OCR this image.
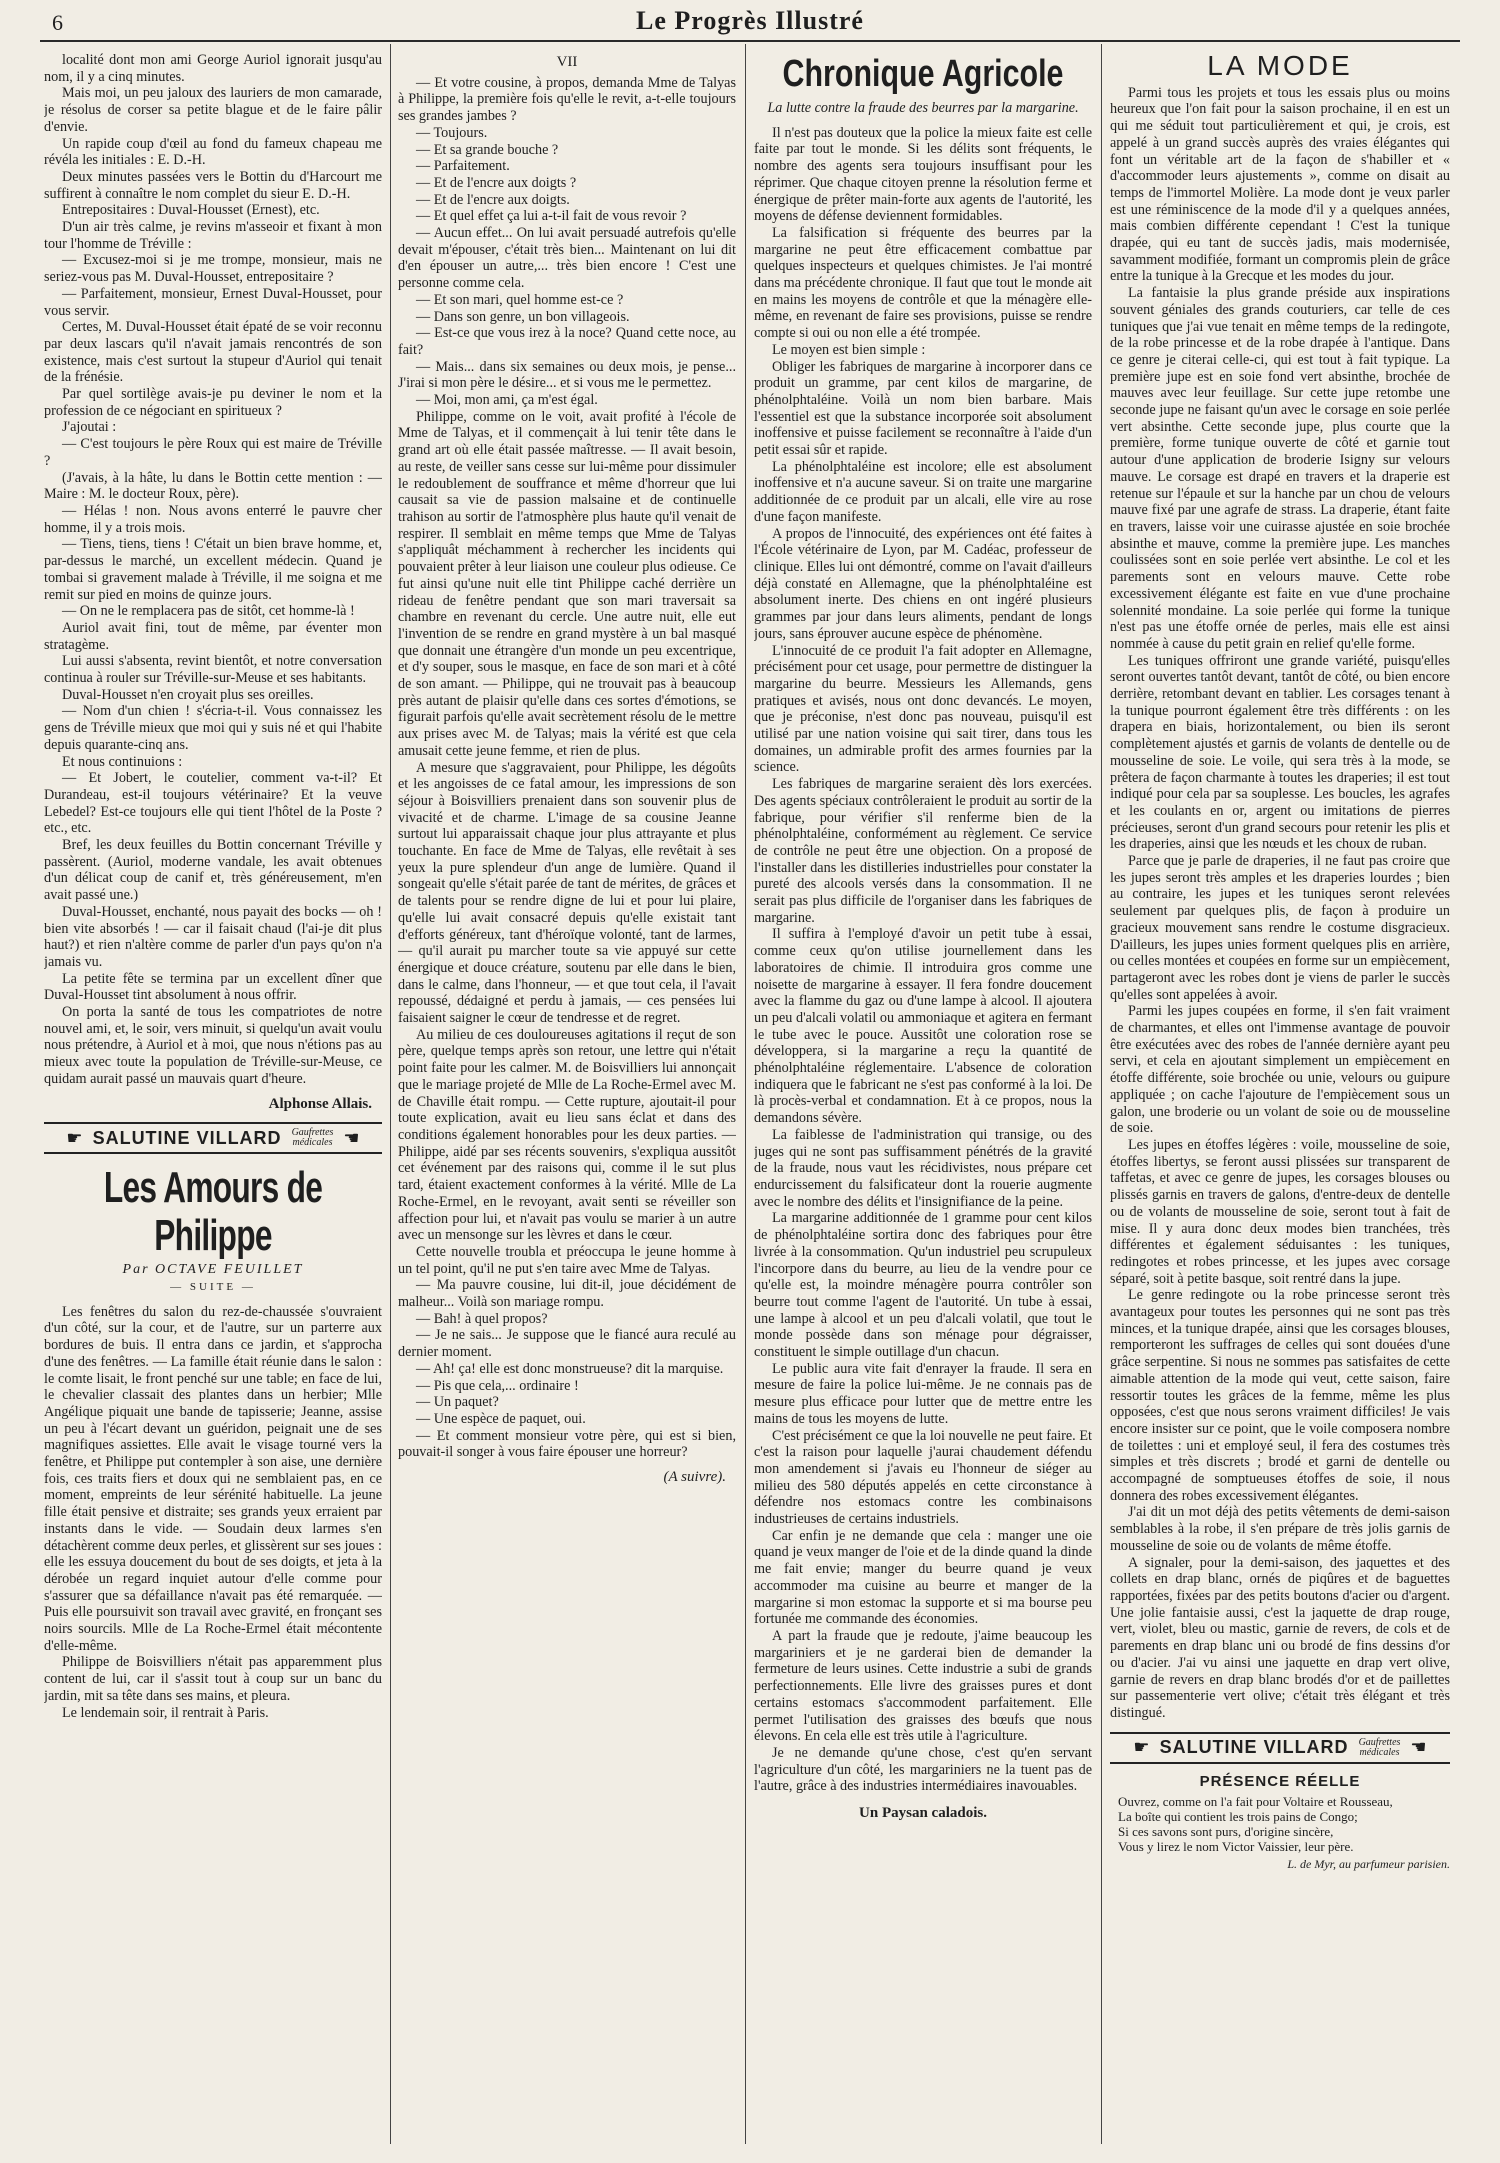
6	Le Progrès Illustré

localité dont mon ami George Auriol ignorait jusqu'au nom, il y a cinq minutes.

Mais moi, un peu jaloux des lauriers de mon camarade, je résolus de corser sa petite blague et de le faire pâlir d'envie.

Un rapide coup d'œil au fond du fameux chapeau me révéla les initiales : E. D.-H.

Deux minutes passées vers le Bottin du d'Harcourt me suffirent à connaître le nom complet du sieur E. D.-H.

Entrepositaires : Duval-Housset (Ernest), etc.

D'un air très calme, je revins m'asseoir et fixant à mon tour l'homme de Tréville :

— Excusez-moi si je me trompe, monsieur, mais ne seriez-vous pas M. Duval-Housset, entrepositaire ?

— Parfaitement, monsieur, Ernest Duval-Housset, pour vous servir.

Certes, M. Duval-Housset était épaté de se voir reconnu par deux lascars qu'il n'avait jamais rencontrés de son existence, mais c'est surtout la stupeur d'Auriol qui tenait de la frénésie.

Par quel sortilège avais-je pu deviner le nom et la profession de ce négociant en spiritueux ?

J'ajoutai :

— C'est toujours le père Roux qui est maire de Tréville ?

(J'avais, à la hâte, lu dans le Bottin cette mention : — Maire : M. le docteur Roux, père).

— Hélas ! non. Nous avons enterré le pauvre cher homme, il y a trois mois.

— Tiens, tiens, tiens ! C'était un bien brave homme, et, par-dessus le marché, un excellent médecin. Quand je tombai si gravement malade à Tréville, il me soigna et me remit sur pied en moins de quinze jours.

— On ne le remplacera pas de sitôt, cet homme-là !

Auriol avait fini, tout de même, par éventer mon stratagème.

Lui aussi s'absenta, revint bientôt, et notre conversation continua à rouler sur Tréville-sur-Meuse et ses habitants.

Duval-Housset n'en croyait plus ses oreilles.

— Nom d'un chien ! s'écria-t-il. Vous connaissez les gens de Tréville mieux que moi qui y suis né et qui l'habite depuis quarante-cinq ans.

Et nous continuions :

— Et Jobert, le coutelier, comment va-t-il? Et Durandeau, est-il toujours vétérinaire? Et la veuve Lebedel? Est-ce toujours elle qui tient l'hôtel de la Poste ? etc., etc.

Bref, les deux feuilles du Bottin concernant Tréville y passèrent. (Auriol, moderne vandale, les avait obtenues d'un délicat coup de canif et, très généreusement, m'en avait passé une.)

Duval-Housset, enchanté, nous payait des bocks — oh ! bien vite absorbés ! — car il faisait chaud (l'ai-je dit plus haut?) et rien n'altère comme de parler d'un pays qu'on n'a jamais vu.

La petite fête se termina par un excellent dîner que Duval-Housset tint absolument à nous offrir.

On porta la santé de tous les compatriotes de notre nouvel ami, et, le soir, vers minuit, si quelqu'un avait voulu nous prétendre, à Auriol et à moi, que nous n'étions pas au mieux avec toute la population de Tréville-sur-Meuse, ce quidam aurait passé un mauvais quart d'heure.

Alphonse Allais.
☛ SALUTINE VILLARD Gaufrettes
médicales ☚
Les Amours de Philippe
Par OCTAVE FEUILLET
— SUITE —

Les fenêtres du salon du rez-de-chaussée s'ouvraient d'un côté, sur la cour, et de l'autre, sur un parterre aux bordures de buis. Il entra dans ce jardin, et s'approcha d'une des fenêtres. — La famille était réunie dans le salon : le comte lisait, le front penché sur une table; en face de lui, le chevalier classait des plantes dans un herbier; Mlle Angélique piquait une bande de tapisserie; Jeanne, assise un peu à l'écart devant un guéridon, peignait une de ses magnifiques assiettes. Elle avait le visage tourné vers la fenêtre, et Philippe put contempler à son aise, une dernière fois, ces traits fiers et doux qui ne semblaient pas, en ce moment, empreints de leur sérénité habituelle. La jeune fille était pensive et distraite; ses grands yeux erraient par instants dans le vide. — Soudain deux larmes s'en détachèrent comme deux perles, et glissèrent sur ses joues : elle les essuya doucement du bout de ses doigts, et jeta à la dérobée un regard inquiet autour d'elle comme pour s'assurer que sa défaillance n'avait pas été remarquée. — Puis elle poursuivit son travail avec gravité, en fronçant ses noirs sourcils. Mlle de La Roche-Ermel était mécontente d'elle-même.

Philippe de Boisvilliers n'était pas apparemment plus content de lui, car il s'assit tout à coup sur un banc du jardin, mit sa tête dans ses mains, et pleura.

Le lendemain soir, il rentrait à Paris.

VII

— Et votre cousine, à propos, demanda Mme de Talyas à Philippe, la première fois qu'elle le revit, a-t-elle toujours ses grandes jambes ?

— Toujours.

— Et sa grande bouche ?

— Parfaitement.

— Et de l'encre aux doigts ?

— Et de l'encre aux doigts.

— Et quel effet ça lui a-t-il fait de vous revoir ?

— Aucun effet... On lui avait persuadé autrefois qu'elle devait m'épouser, c'était très bien... Maintenant on lui dit d'en épouser un autre,... très bien encore ! C'est une personne comme cela.

— Et son mari, quel homme est-ce ?

— Dans son genre, un bon villageois.

— Est-ce que vous irez à la noce? Quand cette noce, au fait?

— Mais... dans six semaines ou deux mois, je pense... J'irai si mon père le désire... et si vous me le permettez.

— Moi, mon ami, ça m'est égal.

Philippe, comme on le voit, avait profité à l'école de Mme de Talyas, et il commençait à lui tenir tête dans le grand art où elle était passée maîtresse. — Il avait besoin, au reste, de veiller sans cesse sur lui-même pour dissimuler le redoublement de souffrance et même d'horreur que lui causait sa vie de passion malsaine et de continuelle trahison au sortir de l'atmosphère plus haute qu'il venait de respirer. Il semblait en même temps que Mme de Talyas s'appliquât méchamment à rechercher les incidents qui pouvaient prêter à leur liaison une couleur plus odieuse. Ce fut ainsi qu'une nuit elle tint Philippe caché derrière un rideau de fenêtre pendant que son mari traversait sa chambre en revenant du cercle. Une autre nuit, elle eut l'invention de se rendre en grand mystère à un bal masqué que donnait une étrangère d'un monde un peu excentrique, et d'y souper, sous le masque, en face de son mari et à côté de son amant. — Philippe, qui ne trouvait pas à beaucoup près autant de plaisir qu'elle dans ces sortes d'émotions, se figurait parfois qu'elle avait secrètement résolu de le mettre aux prises avec M. de Talyas; mais la vérité est que cela amusait cette jeune femme, et rien de plus.

A mesure que s'aggravaient, pour Philippe, les dégoûts et les angoisses de ce fatal amour, les impressions de son séjour à Boisvilliers prenaient dans son souvenir plus de vivacité et de charme. L'image de sa cousine Jeanne surtout lui apparaissait chaque jour plus attrayante et plus touchante. En face de Mme de Talyas, elle revêtait à ses yeux la pure splendeur d'un ange de lumière. Quand il songeait qu'elle s'était parée de tant de mérites, de grâces et de talents pour se rendre digne de lui et pour lui plaire, qu'elle lui avait consacré depuis qu'elle existait tant d'efforts généreux, tant d'héroïque volonté, tant de larmes, — qu'il aurait pu marcher toute sa vie appuyé sur cette énergique et douce créature, soutenu par elle dans le bien, dans le calme, dans l'honneur, — et que tout cela, il l'avait repoussé, dédaigné et perdu à jamais, — ces pensées lui faisaient saigner le cœur de tendresse et de regret.

Au milieu de ces douloureuses agitations il reçut de son père, quelque temps après son retour, une lettre qui n'était point faite pour les calmer. M. de Boisvilliers lui annonçait que le mariage projeté de Mlle de La Roche-Ermel avec M. de Chaville était rompu. — Cette rupture, ajoutait-il pour toute explication, avait eu lieu sans éclat et dans des conditions également honorables pour les deux parties. — Philippe, aidé par ses récents souvenirs, s'expliqua aussitôt cet événement par des raisons qui, comme il le sut plus tard, étaient exactement conformes à la vérité. Mlle de La Roche-Ermel, en le revoyant, avait senti se réveiller son affection pour lui, et n'avait pas voulu se marier à un autre avec un mensonge sur les lèvres et dans le cœur.

Cette nouvelle troubla et préoccupa le jeune homme à un tel point, qu'il ne put s'en taire avec Mme de Talyas.

— Ma pauvre cousine, lui dit-il, joue décidément de malheur... Voilà son mariage rompu.

— Bah! à quel propos?

— Je ne sais... Je suppose que le fiancé aura reculé au dernier moment.

— Ah! ça! elle est donc monstrueuse? dit la marquise.

— Pis que cela,... ordinaire !

— Un paquet?

— Une espèce de paquet, oui.

— Et comment monsieur votre père, qui est si bien, pouvait-il songer à vous faire épouser une horreur?

(A suivre).
Chronique Agricole
La lutte contre la fraude des beurres par la margarine.

Il n'est pas douteux que la police la mieux faite est celle faite par tout le monde. Si les délits sont fréquents, le nombre des agents sera toujours insuffisant pour les réprimer. Que chaque citoyen prenne la résolution ferme et énergique de prêter main-forte aux agents de l'autorité, les moyens de défense deviennent formidables.

La falsification si fréquente des beurres par la margarine ne peut être efficacement combattue par quelques inspecteurs et quelques chimistes. Je l'ai montré dans ma précédente chronique. Il faut que tout le monde ait en mains les moyens de contrôle et que la ménagère elle-même, en revenant de faire ses provisions, puisse se rendre compte si oui ou non elle a été trompée.

Le moyen est bien simple :

Obliger les fabriques de margarine à incorporer dans ce produit un gramme, par cent kilos de margarine, de phénolphtaléine. Voilà un nom bien barbare. Mais l'essentiel est que la substance incorporée soit absolument inoffensive et puisse facilement se reconnaître à l'aide d'un petit essai sûr et rapide.

La phénolphtaléine est incolore; elle est absolument inoffensive et n'a aucune saveur. Si on traite une margarine additionnée de ce produit par un alcali, elle vire au rose d'une façon manifeste.

A propos de l'innocuité, des expériences ont été faites à l'École vétérinaire de Lyon, par M. Cadéac, professeur de clinique. Elles lui ont démontré, comme on l'avait d'ailleurs déjà constaté en Allemagne, que la phénolphtaléine est absolument inerte. Des chiens en ont ingéré plusieurs grammes par jour dans leurs aliments, pendant de longs jours, sans éprouver aucune espèce de phénomène.

L'innocuité de ce produit l'a fait adopter en Allemagne, précisément pour cet usage, pour permettre de distinguer la margarine du beurre. Messieurs les Allemands, gens pratiques et avisés, nous ont donc devancés. Le moyen, que je préconise, n'est donc pas nouveau, puisqu'il est utilisé par une nation voisine qui sait tirer, dans tous les domaines, un admirable profit des armes fournies par la science.

Les fabriques de margarine seraient dès lors exercées. Des agents spéciaux contrôleraient le produit au sortir de la fabrique, pour vérifier s'il renferme bien de la phénolphtaléine, conformément au règlement. Ce service de contrôle ne peut être une objection. On a proposé de l'installer dans les distilleries industrielles pour constater la pureté des alcools versés dans la consommation. Il ne serait pas plus difficile de l'organiser dans les fabriques de margarine.

Il suffira à l'employé d'avoir un petit tube à essai, comme ceux qu'on utilise journellement dans les laboratoires de chimie. Il introduira gros comme une noisette de margarine à essayer. Il fera fondre doucement avec la flamme du gaz ou d'une lampe à alcool. Il ajoutera un peu d'alcali volatil ou ammoniaque et agitera en fermant le tube avec le pouce. Aussitôt une coloration rose se développera, si la margarine a reçu la quantité de phénolphtaléine réglementaire. L'absence de coloration indiquera que le fabricant ne s'est pas conformé à la loi. De là procès-verbal et condamnation. Et à ce propos, nous la demandons sévère.

La faiblesse de l'administration qui transige, ou des juges qui ne sont pas suffisamment pénétrés de la gravité de la fraude, nous vaut les récidivistes, nous prépare cet endurcissement du falsificateur dont la rouerie augmente avec le nombre des délits et l'insignifiance de la peine.

La margarine additionnée de 1 gramme pour cent kilos de phénolphtaléine sortira donc des fabriques pour être livrée à la consommation. Qu'un industriel peu scrupuleux l'incorpore dans du beurre, au lieu de la vendre pour ce qu'elle est, la moindre ménagère pourra contrôler son beurre tout comme l'agent de l'autorité. Un tube à essai, une lampe à alcool et un peu d'alcali volatil, que tout le monde possède dans son ménage pour dégraisser, constituent le simple outillage d'un chacun.

Le public aura vite fait d'enrayer la fraude. Il sera en mesure de faire la police lui-même. Je ne connais pas de mesure plus efficace pour lutter que de mettre entre les mains de tous les moyens de lutte.

C'est précisément ce que la loi nouvelle ne peut faire. Et c'est la raison pour laquelle j'aurai chaudement défendu mon amendement si j'avais eu l'honneur de siéger au milieu des 580 députés appelés en cette circonstance à défendre nos estomacs contre les combinaisons industrieuses de certains industriels.

Car enfin je ne demande que cela : manger une oie quand je veux manger de l'oie et de la dinde quand la dinde me fait envie; manger du beurre quand je veux accommoder ma cuisine au beurre et manger de la margarine si mon estomac la supporte et si ma bourse peu fortunée me commande des économies.

A part la fraude que je redoute, j'aime beaucoup les margariniers et je ne garderai bien de demander la fermeture de leurs usines. Cette industrie a subi de grands perfectionnements. Elle livre des graisses pures et dont certains estomacs s'accommodent parfaitement. Elle permet l'utilisation des graisses des bœufs que nous élevons. En cela elle est très utile à l'agriculture.

Je ne demande qu'une chose, c'est qu'en servant l'agriculture d'un côté, les margariniers ne la tuent pas de l'autre, grâce à des industries intermédiaires inavouables.

Un Paysan caladois.
LA MODE

Parmi tous les projets et tous les essais plus ou moins heureux que l'on fait pour la saison prochaine, il en est un qui me séduit tout particulièrement et qui, je crois, est appelé à un grand succès auprès des vraies élégantes qui font un véritable art de la façon de s'habiller et « d'accommoder leurs ajustements », comme on disait au temps de l'immortel Molière. La mode dont je veux parler est une réminiscence de la mode d'il y a quelques années, mais combien différente cependant ! C'est la tunique drapée, qui eu tant de succès jadis, mais modernisée, savamment modifiée, formant un compromis plein de grâce entre la tunique à la Grecque et les modes du jour.

La fantaisie la plus grande préside aux inspirations souvent géniales des grands couturiers, car telle de ces tuniques que j'ai vue tenait en même temps de la redingote, de la robe princesse et de la robe drapée à l'antique. Dans ce genre je citerai celle-ci, qui est tout à fait typique. La première jupe est en soie fond vert absinthe, brochée de mauves avec leur feuillage. Sur cette jupe retombe une seconde jupe ne faisant qu'un avec le corsage en soie perlée vert absinthe. Cette seconde jupe, plus courte que la première, forme tunique ouverte de côté et garnie tout autour d'une application de broderie Isigny sur velours mauve. Le corsage est drapé en travers et la draperie est retenue sur l'épaule et sur la hanche par un chou de velours mauve fixé par une agrafe de strass. La draperie, étant faite en travers, laisse voir une cuirasse ajustée en soie brochée absinthe et mauve, comme la première jupe. Les manches coulissées sont en soie perlée vert absinthe. Le col et les parements sont en velours mauve. Cette robe excessivement élégante est faite en vue d'une prochaine solennité mondaine. La soie perlée qui forme la tunique n'est pas une étoffe ornée de perles, mais elle est ainsi nommée à cause du petit grain en relief qu'elle forme.

Les tuniques offriront une grande variété, puisqu'elles seront ouvertes tantôt devant, tantôt de côté, ou bien encore derrière, retombant devant en tablier. Les corsages tenant à la tunique pourront également être très différents : on les drapera en biais, horizontalement, ou bien ils seront complètement ajustés et garnis de volants de dentelle ou de mousseline de soie. Le voile, qui sera très à la mode, se prêtera de façon charmante à toutes les draperies; il est tout indiqué pour cela par sa souplesse. Les boucles, les agrafes et les coulants en or, argent ou imitations de pierres précieuses, seront d'un grand secours pour retenir les plis et les draperies, ainsi que les nœuds et les choux de ruban.

Parce que je parle de draperies, il ne faut pas croire que les jupes seront très amples et les draperies lourdes ; bien au contraire, les jupes et les tuniques seront relevées seulement par quelques plis, de façon à produire un gracieux mouvement sans rendre le costume disgracieux. D'ailleurs, les jupes unies forment quelques plis en arrière, ou celles montées et coupées en forme sur un empiècement, partageront avec les robes dont je viens de parler le succès qu'elles sont appelées à avoir.

Parmi les jupes coupées en forme, il s'en fait vraiment de charmantes, et elles ont l'immense avantage de pouvoir être exécutées avec des robes de l'année dernière ayant peu servi, et cela en ajoutant simplement un empiècement en étoffe différente, soie brochée ou unie, velours ou guipure appliquée ; on cache l'ajouture de l'empiècement sous un galon, une broderie ou un volant de soie ou de mousseline de soie.

Les jupes en étoffes légères : voile, mousseline de soie, étoffes libertys, se feront aussi plissées sur transparent de taffetas, et avec ce genre de jupes, les corsages blouses ou plissés garnis en travers de galons, d'entre-deux de dentelle ou de volants de mousseline de soie, seront tout à fait de mise. Il y aura donc deux modes bien tranchées, très différentes et également séduisantes : les tuniques, redingotes et robes princesse, et les jupes avec corsage séparé, soit à petite basque, soit rentré dans la jupe.

Le genre redingote ou la robe princesse seront très avantageux pour toutes les personnes qui ne sont pas très minces, et la tunique drapée, ainsi que les corsages blouses, remporteront les suffrages de celles qui sont douées d'une grâce serpentine. Si nous ne sommes pas satisfaites de cette aimable attention de la mode qui veut, cette saison, faire ressortir toutes les grâces de la femme, même les plus opposées, c'est que nous serons vraiment difficiles! Je vais encore insister sur ce point, que le voile composera nombre de toilettes : uni et employé seul, il fera des costumes très simples et très discrets ; brodé et garni de dentelle ou accompagné de somptueuses étoffes de soie, il nous donnera des robes excessivement élégantes.

J'ai dit un mot déjà des petits vêtements de demi-saison semblables à la robe, il s'en prépare de très jolis garnis de mousseline de soie ou de volants de même étoffe.

A signaler, pour la demi-saison, des jaquettes et des collets en drap blanc, ornés de piqûres et de baguettes rapportées, fixées par des petits boutons d'acier ou d'argent. Une jolie fantaisie aussi, c'est la jaquette de drap rouge, vert, violet, bleu ou mastic, garnie de revers, de cols et de parements en drap blanc uni ou brodé de fins dessins d'or ou d'acier. J'ai vu ainsi une jaquette en drap vert olive, garnie de revers en drap blanc brodés d'or et de paillettes sur passementerie vert olive; c'était très élégant et très distingué.

☛ SALUTINE VILLARD Gaufrettes
médicales ☚
PRÉSENCE RÉELLE
Ouvrez, comme on l'a fait pour Voltaire et Rousseau,
La boîte qui contient les trois pains de Congo;
Si ces savons sont purs, d'origine sincère,
Vous y lirez le nom Victor Vaissier, leur père.
L. de Myr, au parfumeur parisien.
